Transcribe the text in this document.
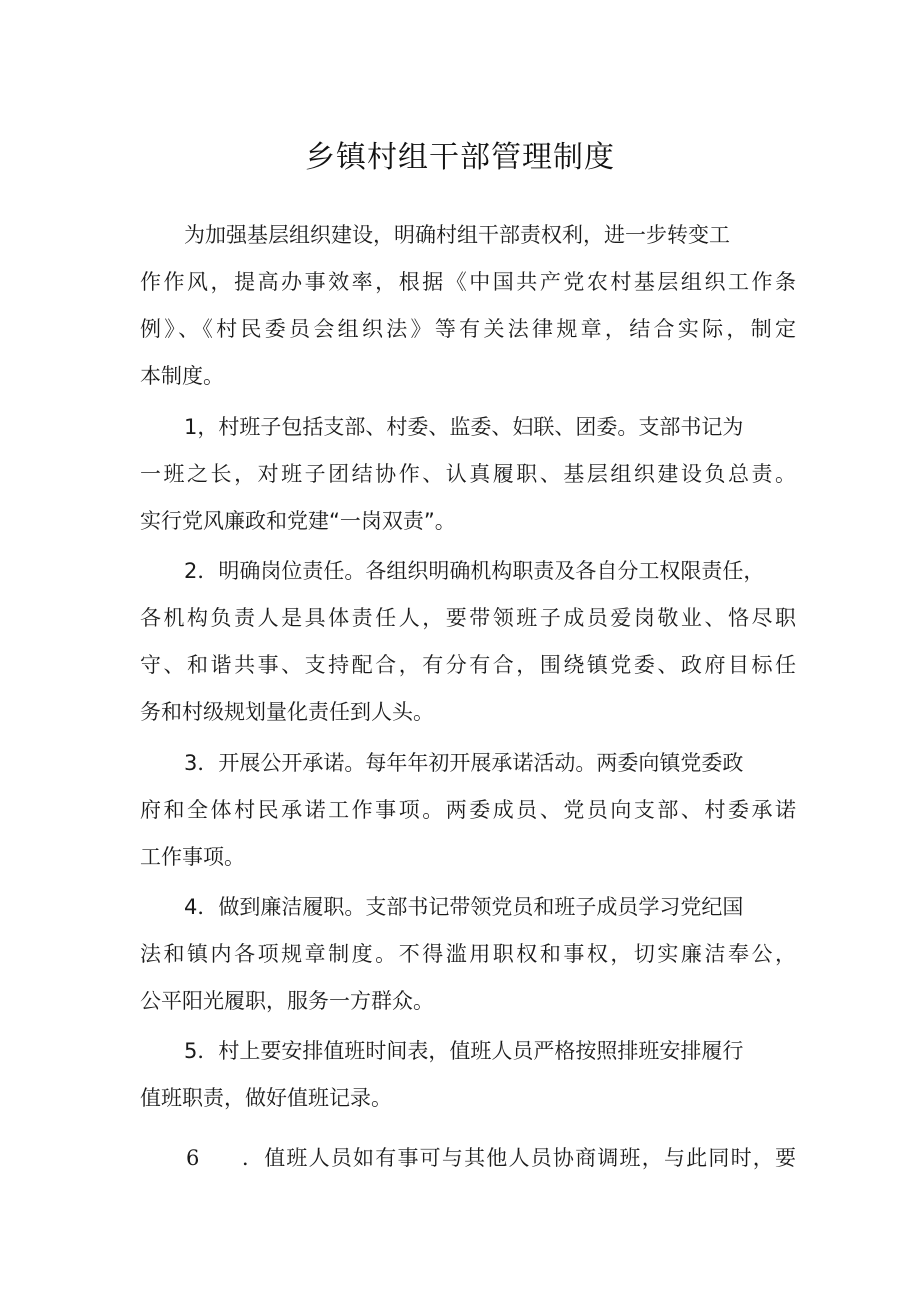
乡镇村组干部管理制度
为加强基层组织建设，明确村组干部责权利，进一步转变工
作作风，提高办事效率，根据《中国共产党农村基层组织工作条
例》、《村民委员会组织法》等有关法律规章，结合实际，制定
本制度。
1，村班子包括支部、村委、监委、妇联、团委。支部书记为
一班之长，对班子团结协作、认真履职、基层组织建设负总责。
实行党风廉政和党建“一岗双责”。
2．明确岗位责任。各组织明确机构职责及各自分工权限责任，
各机构负责人是具体责任人，要带领班子成员爱岗敬业、恪尽职
守、和谐共事、支持配合，有分有合，围绕镇党委、政府目标任
务和村级规划量化责任到人头。
3．开展公开承诺。每年年初开展承诺活动。两委向镇党委政
府和全体村民承诺工作事项。两委成员、党员向支部、村委承诺
工作事项。
4．做到廉洁履职。支部书记带领党员和班子成员学习党纪国
法和镇内各项规章制度。不得滥用职权和事权，切实廉洁奉公，
公平阳光履职，服务一方群众。
5．村上要安排值班时间表，值班人员严格按照排班安排履行
值班职责，做好值班记录。
6 ．值班人员如有事可与其他人员协商调班，与此同时，要
